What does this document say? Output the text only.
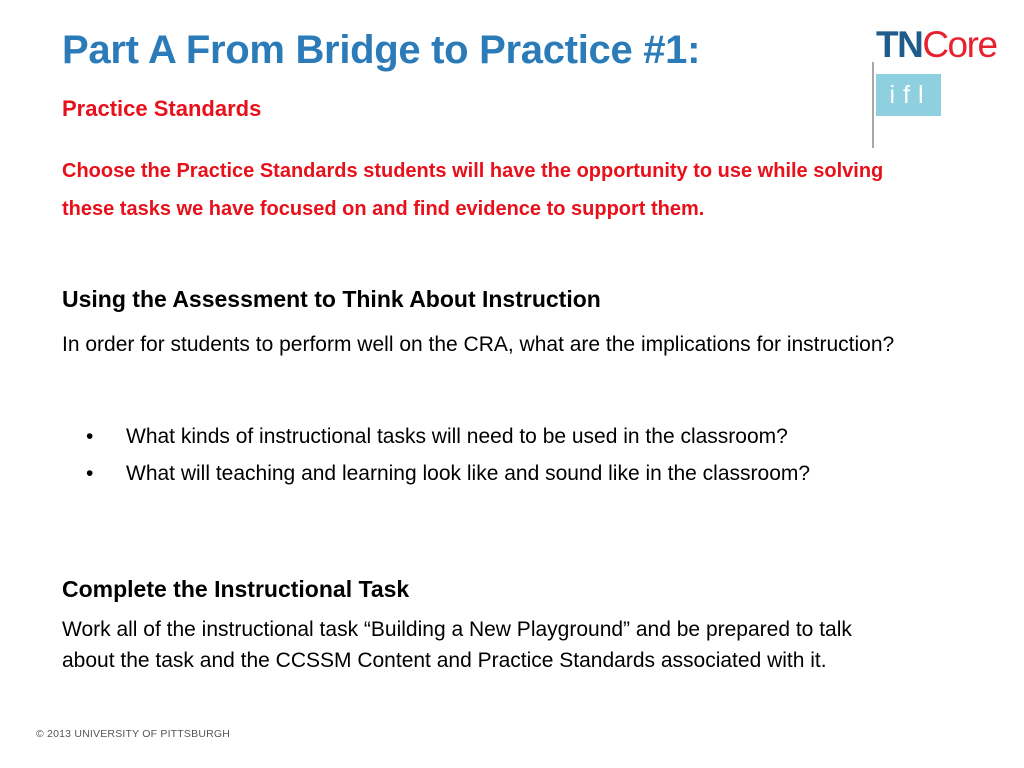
Part A From Bridge to Practice #1:
Practice Standards
TNCore
ifl

Choose the Practice Standards students will have the opportunity to use while solving these tasks we have focused on and find evidence to support them.

Using the Assessment to Think About Instruction

In order for students to perform well on the CRA, what are the implications for instruction?

• What kinds of instructional tasks will need to be used in the classroom?
• What will teaching and learning look like and sound like in the classroom?
Complete the Instructional Task

Work all of the instructional task “Building a New Playground” and be prepared to talk about the task and the CCSSM Content and Practice Standards associated with it.

© 2013 UNIVERSITY OF PITTSBURGH
